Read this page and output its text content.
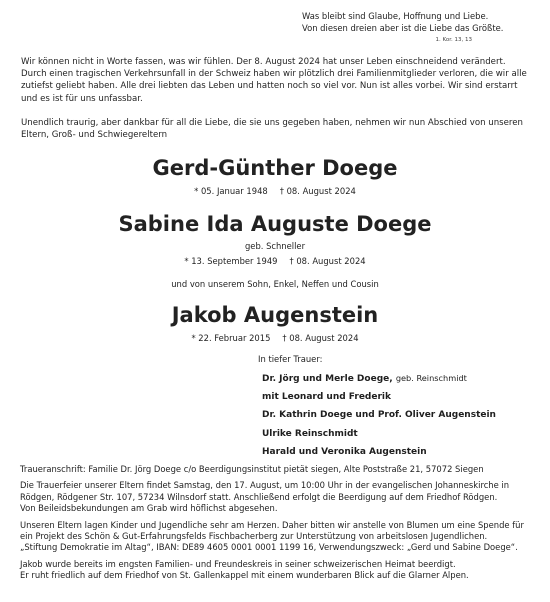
Was bleibt sind Glaube, Hoffnung und Liebe.
Von diesen dreien aber ist die Liebe das Größte.
1. Kor. 13, 13
Wir können nicht in Worte fassen, was wir fühlen. Der 8. August 2024 hat unser Leben einschneidend verändert.
Durch einen tragischen Verkehrsunfall in der Schweiz haben wir plötzlich drei Familienmitglieder verloren, die wir alle
zutiefst geliebt haben. Alle drei liebten das Leben und hatten noch so viel vor. Nun ist alles vorbei. Wir sind erstarrt
und es ist für uns unfassbar.
Unendlich traurig, aber dankbar für all die Liebe, die sie uns gegeben haben, nehmen wir nun Abschied von unseren
Eltern, Groß- und Schwiegereltern
Gerd-Günther Doege
* 05. Januar 1948 † 08. August 2024
Sabine Ida Auguste Doege
geb. Schneller
* 13. September 1949 † 08. August 2024
und von unserem Sohn, Enkel, Neffen und Cousin
Jakob Augenstein
* 22. Februar 2015 † 08. August 2024
In tiefer Trauer:
Dr. Jörg und Merle Doege, geb. Reinschmidt
mit Leonard und Frederik
Dr. Kathrin Doege und Prof. Oliver Augenstein
Ulrike Reinschmidt
Harald und Veronika Augenstein
Traueranschrift: Familie Dr. Jörg Doege c/o Beerdigungsinstitut pietät siegen, Alte Poststraße 21, 57072 Siegen
Die Trauerfeier unserer Eltern findet Samstag, den 17. August, um 10:00 Uhr in der evangelischen Johanneskirche in
Rödgen, Rödgener Str. 107, 57234 Wilnsdorf statt. Anschließend erfolgt die Beerdigung auf dem Friedhof Rödgen.
Von Beileidsbekundungen am Grab wird höflichst abgesehen.
Unseren Eltern lagen Kinder und Jugendliche sehr am Herzen. Daher bitten wir anstelle von Blumen um eine Spende für
ein Projekt des Schön & Gut-Erfahrungsfelds Fischbacherberg zur Unterstützung von arbeitslosen Jugendlichen.
„Stiftung Demokratie im Altag“, IBAN: DE89 4605 0001 0001 1199 16, Verwendungszweck: „Gerd und Sabine Doege“.
Jakob wurde bereits im engsten Familien- und Freundeskreis in seiner schweizerischen Heimat beerdigt.
Er ruht friedlich auf dem Friedhof von St. Gallenkappel mit einem wunderbaren Blick auf die Glarner Alpen.
